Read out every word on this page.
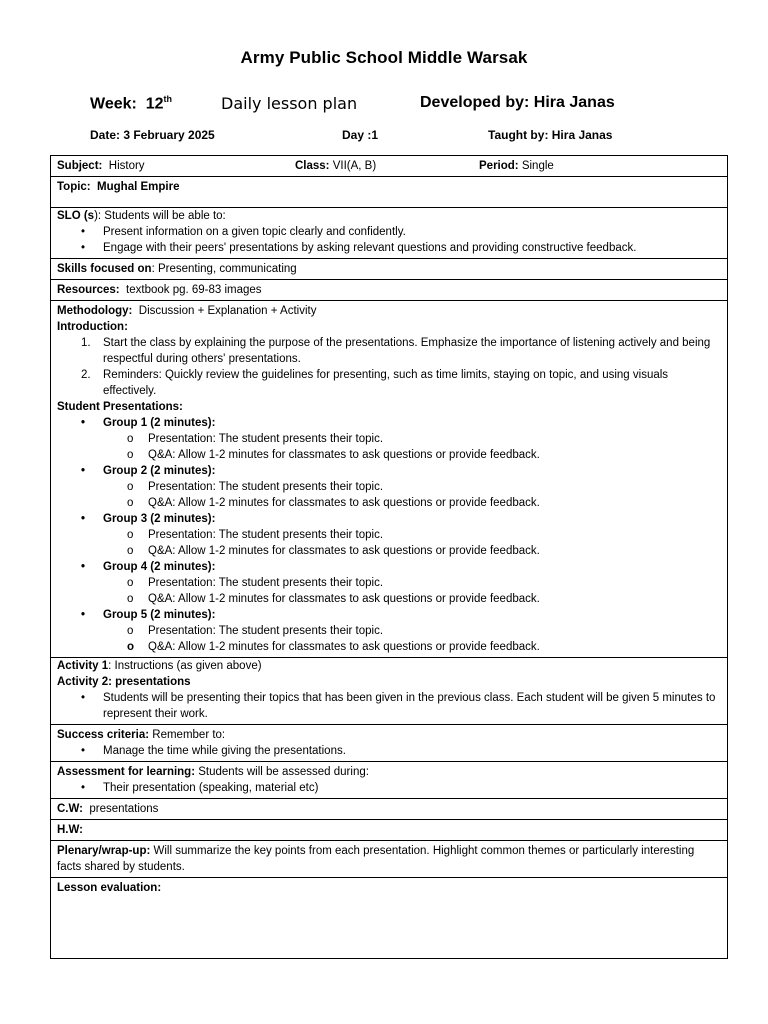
Army Public School Middle Warsak
Week: 12th	Daily lesson plan	Developed by: Hira Janas
Date: 3 February 2025	Day :1	Taught by: Hira Janas
Subject: History	Class: VII(A, B)	Period: Single
Topic: Mughal Empire
SLO (s): Students will be able to:
• Present information on a given topic clearly and confidently.
• Engage with their peers' presentations by asking relevant questions and providing constructive feedback.
Skills focused on: Presenting, communicating
Resources: textbook pg. 69-83 images
Methodology: Discussion + Explanation + Activity
Introduction:
1. Start the class by explaining the purpose of the presentations. Emphasize the importance of listening actively and being
respectful during others' presentations.
2. Reminders: Quickly review the guidelines for presenting, such as time limits, staying on topic, and using visuals
effectively.
Student Presentations:
• Group 1 (2 minutes):
o Presentation: The student presents their topic.
o Q&A: Allow 1-2 minutes for classmates to ask questions or provide feedback.
• Group 2 (2 minutes):
o Presentation: The student presents their topic.
o Q&A: Allow 1-2 minutes for classmates to ask questions or provide feedback.
• Group 3 (2 minutes):
o Presentation: The student presents their topic.
o Q&A: Allow 1-2 minutes for classmates to ask questions or provide feedback.
• Group 4 (2 minutes):
o Presentation: The student presents their topic.
o Q&A: Allow 1-2 minutes for classmates to ask questions or provide feedback.
• Group 5 (2 minutes):
o Presentation: The student presents their topic.
o Q&A: Allow 1-2 minutes for classmates to ask questions or provide feedback.
Activity 1: Instructions (as given above)
Activity 2: presentations
• Students will be presenting their topics that has been given in the previous class. Each student will be given 5 minutes to
represent their work.
Success criteria: Remember to:
• Manage the time while giving the presentations.
Assessment for learning: Students will be assessed during:
• Their presentation (speaking, material etc)
C.W: presentations
H.W:
Plenary/wrap-up: Will summarize the key points from each presentation. Highlight common themes or particularly interesting
facts shared by students.
Lesson evaluation:
